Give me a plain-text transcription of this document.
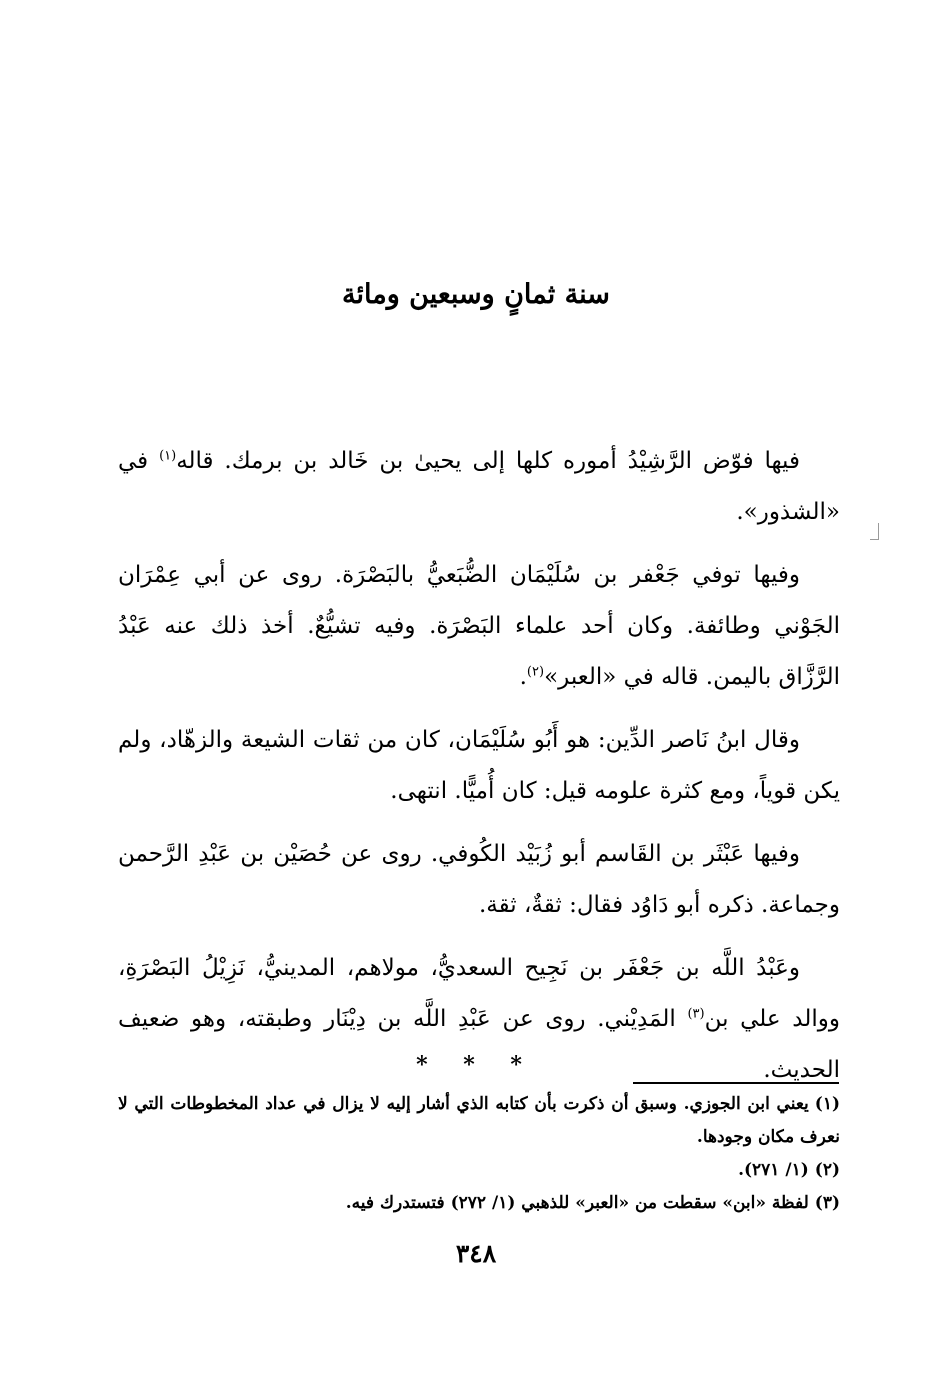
سنة ثمانٍ وسبعين ومائة

فيها فوّض الرَّشِيْدُ أموره كلها إلى يحيىٰ بن خَالد بن برمك. قاله$^{(١)}$ في «الشذور».

وفيها توفي جَعْفر بن سُلَيْمَان الضُّبَعيُّ بالبَصْرَة. روى عن أبي عِمْرَان الجَوْني وطائفة. وكان أحد علماء البَصْرَة. وفيه تشيُّعٌ. أخذ ذلك عنه عَبْدُ الرَّزَّاق باليمن. قاله في «العبر»$^{(٢)}$.

وقال ابنُ نَاصر الدِّين: هو أَبُو سُلَيْمَان، كان من ثقات الشيعة والزهّاد، ولم يكن قوياً، ومع كثرة علومه قيل: كان أُميًّا. انتهى.

وفيها عَبْثَر بن القَاسم أبو زُبَيْد الكُوفي. روى عن حُصَيْن بن عَبْدِ الرَّحمن وجماعة. ذكره أبو دَاوُد فقال: ثقةٌ، ثقة.

وعَبْدُ اللَّه بن جَعْفَر بن نَجِيح السعديُّ، مولاهم، المدينيُّ، نَزِيْلُ البَصْرَةِ، ووالد علي بن$^{(٣)}$ المَدِيْني. روى عن عَبْدِ اللَّه بن دِيْنَار وطبقته، وهو ضعيف الحديث.

* * *

(١)يعني ابن الجوزي. وسبق أن ذكرت بأن كتابه الذي أشار إليه لا يزال في عداد المخطوطات التي لا نعرف مكان وجودها.

(٢)(١/ ٢٧١).

(٣)لفظة «ابن» سقطت من «العبر» للذهبي (١/ ٢٧٢) فتستدرك فيه.

٣٤٨
